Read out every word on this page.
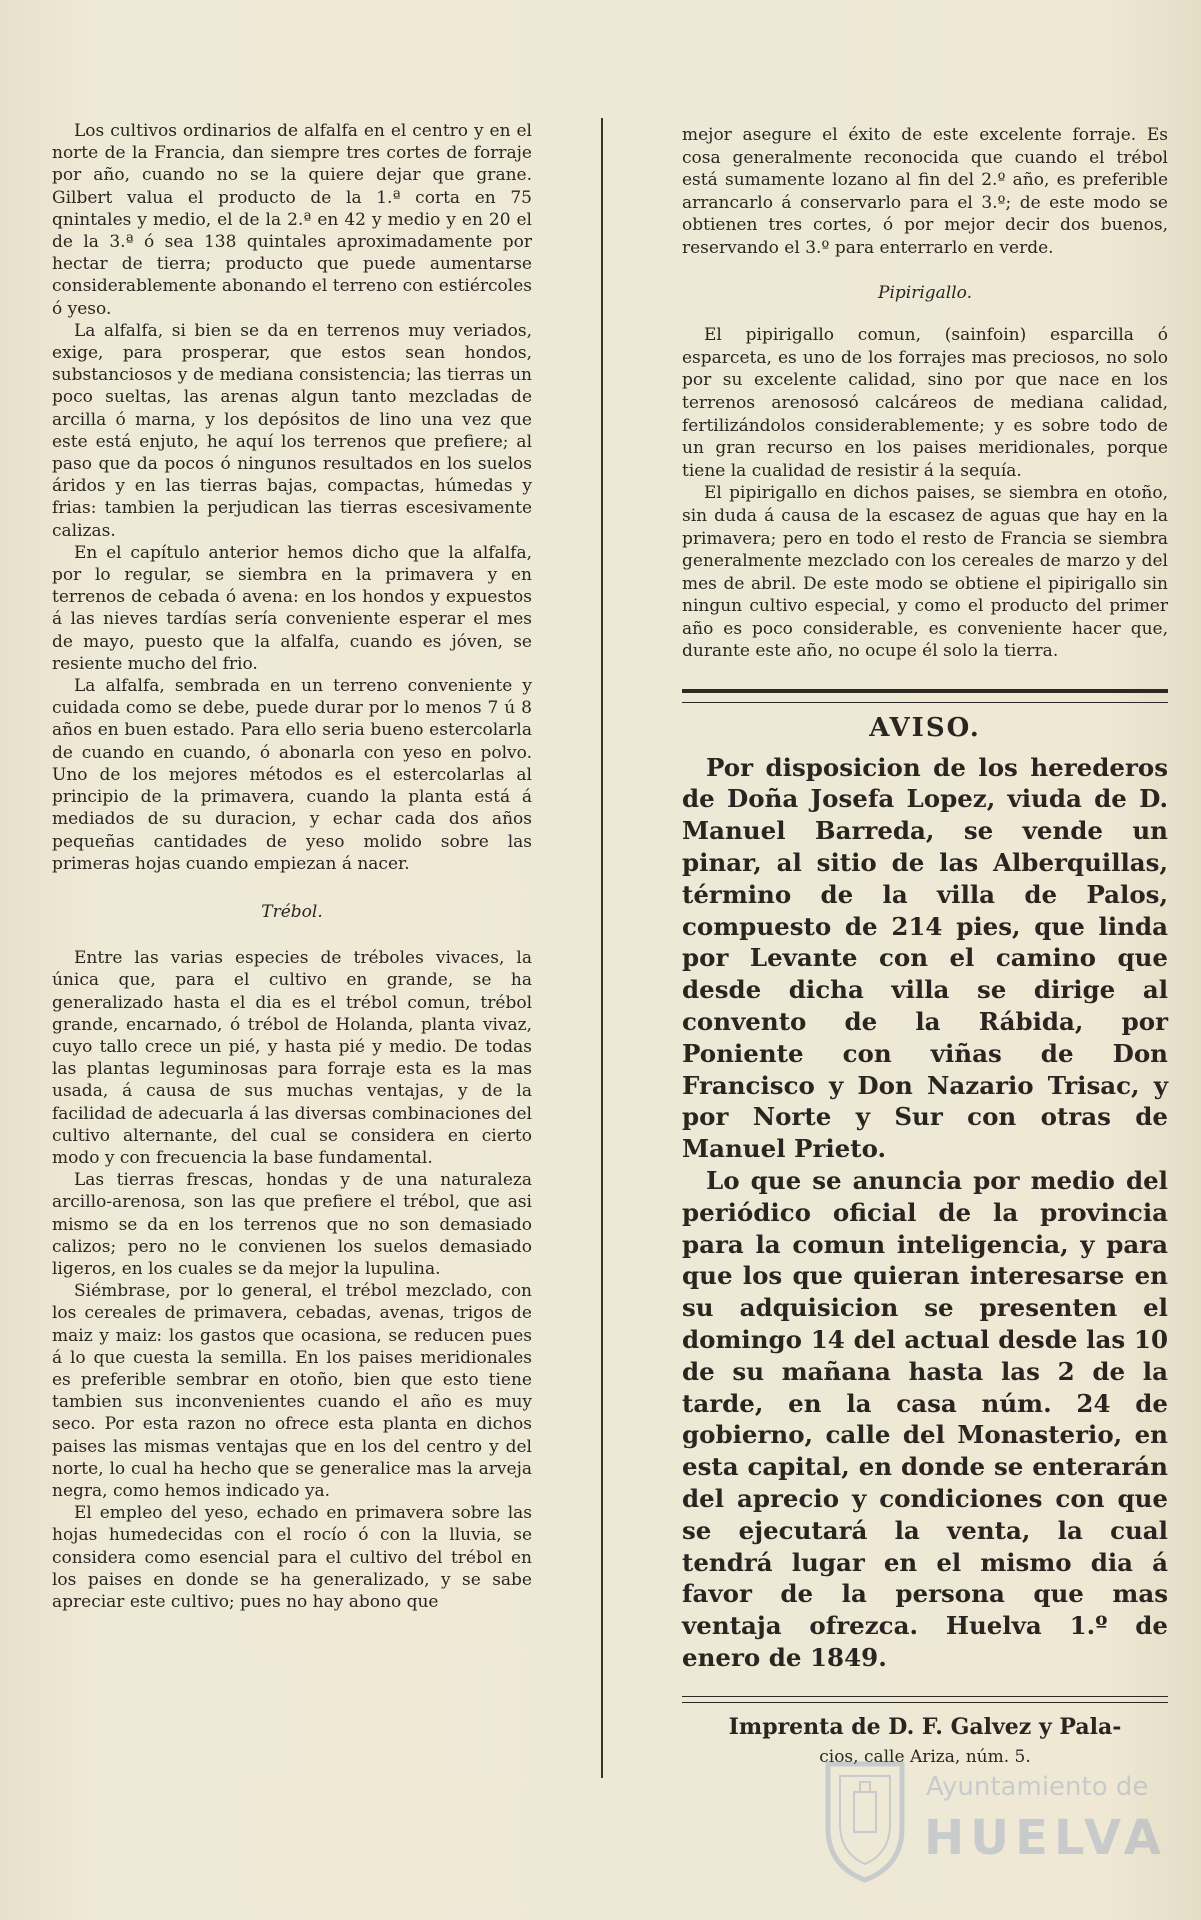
Los cultivos ordinarios de alfalfa en el centro y en el norte de la Francia, dan siempre tres cortes de forraje por año, cuando no se la quiere dejar que grane. Gilbert valua el producto de la 1.ª corta en 75 qnintales y medio, el de la 2.ª en 42 y medio y en 20 el de la 3.ª ó sea 138 quintales aproximadamente por hectar de tierra; producto que puede aumentarse considerablemente abonando el terreno con estiércoles ó yeso.

La alfalfa, si bien se da en terrenos muy veriados, exige, para prosperar, que estos sean hondos, substanciosos y de mediana consistencia; las tierras un poco sueltas, las arenas algun tanto mezcladas de arcilla ó marna, y los depósitos de lino una vez que este está enjuto, he aquí los terrenos que prefiere; al paso que da pocos ó ningunos resultados en los suelos áridos y en las tierras bajas, compactas, húmedas y frias: tambien la perjudican las tierras escesivamente calizas.

En el capítulo anterior hemos dicho que la alfalfa, por lo regular, se siembra en la primavera y en terrenos de cebada ó avena: en los hondos y expuestos á las nieves tardías sería conveniente esperar el mes de mayo, puesto que la alfalfa, cuando es jóven, se resiente mucho del frio.

La alfalfa, sembrada en un terreno conveniente y cuidada como se debe, puede durar por lo menos 7 ú 8 años en buen estado. Para ello seria bueno estercolarla de cuando en cuando, ó abonarla con yeso en polvo. Uno de los mejores métodos es el estercolarlas al principio de la primavera, cuando la planta está á mediados de su duracion, y echar cada dos años pequeñas cantidades de yeso molido sobre las primeras hojas cuando empiezan á nacer.

Trébol.

Entre las varias especies de tréboles vivaces, la única que, para el cultivo en grande, se ha generalizado hasta el dia es el trébol comun, trébol grande, encarnado, ó trébol de Holanda, planta vivaz, cuyo tallo crece un pié, y hasta pié y medio. De todas las plantas leguminosas para forraje esta es la mas usada, á causa de sus muchas ventajas, y de la facilidad de adecuarla á las diversas combinaciones del cultivo alternante, del cual se considera en cierto modo y con frecuencia la base fundamental.

Las tierras frescas, hondas y de una naturaleza arcillo-arenosa, son las que prefiere el trébol, que asi mismo se da en los terrenos que no son demasiado calizos; pero no le convienen los suelos demasiado ligeros, en los cuales se da mejor la lupulina.

Siémbrase, por lo general, el trébol mezclado, con los cereales de primavera, cebadas, avenas, trigos de maiz y maiz: los gastos que ocasiona, se reducen pues á lo que cuesta la semilla. En los paises meridionales es preferible sembrar en otoño, bien que esto tiene tambien sus inconvenientes cuando el año es muy seco. Por esta razon no ofrece esta planta en dichos paises las mismas ventajas que en los del centro y del norte, lo cual ha hecho que se generalice mas la arveja negra, como hemos indicado ya.

El empleo del yeso, echado en primavera sobre las hojas humedecidas con el rocío ó con la lluvia, se considera como esencial para el cultivo del trébol en los paises en donde se ha generalizado, y se sabe apreciar este cultivo; pues no hay abono que

mejor asegure el éxito de este excelente forraje. Es cosa generalmente reconocida que cuando el trébol está sumamente lozano al fin del 2.º año, es preferible arrancarlo á conservarlo para el 3.º; de este modo se obtienen tres cortes, ó por mejor decir dos buenos, reservando el 3.º para enterrarlo en verde.

Pipirigallo.

El pipirigallo comun, (sainfoin) esparcilla ó esparceta, es uno de los forrajes mas preciosos, no solo por su excelente calidad, sino por que nace en los terrenos arenososó calcáreos de mediana calidad, fertilizándolos considerablemente; y es sobre todo de un gran recurso en los paises meridionales, porque tiene la cualidad de resistir á la sequía.

El pipirigallo en dichos paises, se siembra en otoño, sin duda á causa de la escasez de aguas que hay en la primavera; pero en todo el resto de Francia se siembra generalmente mezclado con los cereales de marzo y del mes de abril. De este modo se obtiene el pipirigallo sin ningun cultivo especial, y como el producto del primer año es poco considerable, es conveniente hacer que, durante este año, no ocupe él solo la tierra.

AVISO.

Por disposicion de los herederos de Doña Josefa Lopez, viuda de D. Manuel Barreda, se vende un pinar, al sitio de las Alberquillas, término de la villa de Palos, compuesto de 214 pies, que linda por Levante con el camino que desde dicha villa se dirige al convento de la Rábida, por Poniente con viñas de Don Francisco y Don Nazario Trisac, y por Norte y Sur con otras de Manuel Prieto.

Lo que se anuncia por medio del periódico oficial de la provincia para la comun inteligencia, y para que los que quieran interesarse en su adquisicion se presenten el domingo 14 del actual desde las 10 de su mañana hasta las 2 de la tarde, en la casa núm. 24 de gobierno, calle del Monasterio, en esta capital, en donde se enterarán del aprecio y condiciones con que se ejecutará la venta, la cual tendrá lugar en el mismo dia á favor de la persona que mas ventaja ofrezca. Huelva 1.º de enero de 1849.

Imprenta de D. F. Galvez y Pala-
cios, calle Ariza, núm. 5.
Ayuntamiento de
HUELVA
